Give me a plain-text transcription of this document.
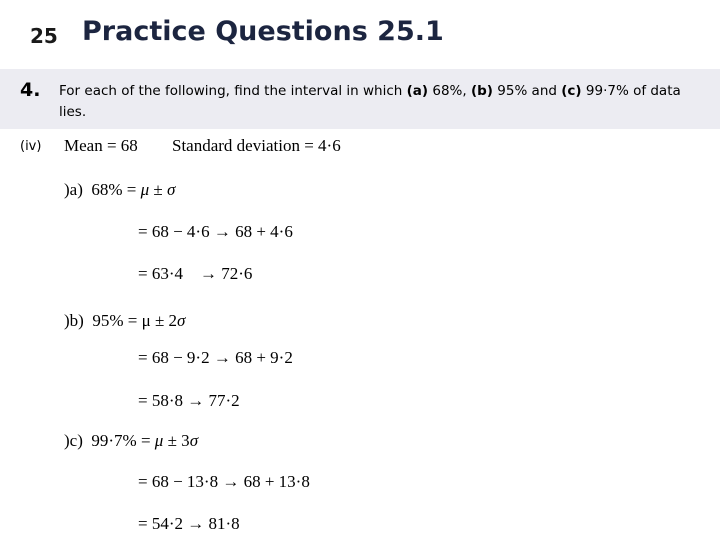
25 Practice Questions 25.1
4. For each of the following, find the interval in which (a) 68%, (b) 95% and (c) 99·7% of data lies.
(iv) Mean = 68 Standard deviation = 4·6
)a) 68% = μ ± σ
= 68 − 4·6 → 68 + 4·6
= 63·4    → 72·6
)b) 95% = μ ± 2σ
= 68 − 9·2 → 68 + 9·2
= 58·8 → 77·2
)c) 99·7% = μ ± 3σ
= 68 − 13·8 → 68 + 13·8
= 54·2 → 81·8
